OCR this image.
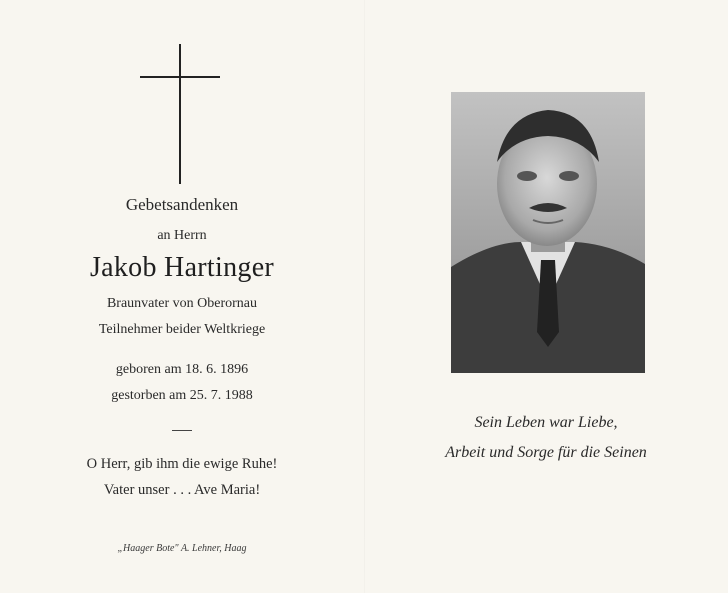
Gebetsandenken
an Herrn
Jakob Hartinger
Braunvater von Oberornau
Teilnehmer beider Weltkriege
geboren am 18. 6. 1896
gestorben am 25. 7. 1988
O Herr, gib ihm die ewige Ruhe!
Vater unser . . . Ave Maria!
„Haager Bote" A. Lehner, Haag
Sein Leben war Liebe,
Arbeit und Sorge für die Seinen
